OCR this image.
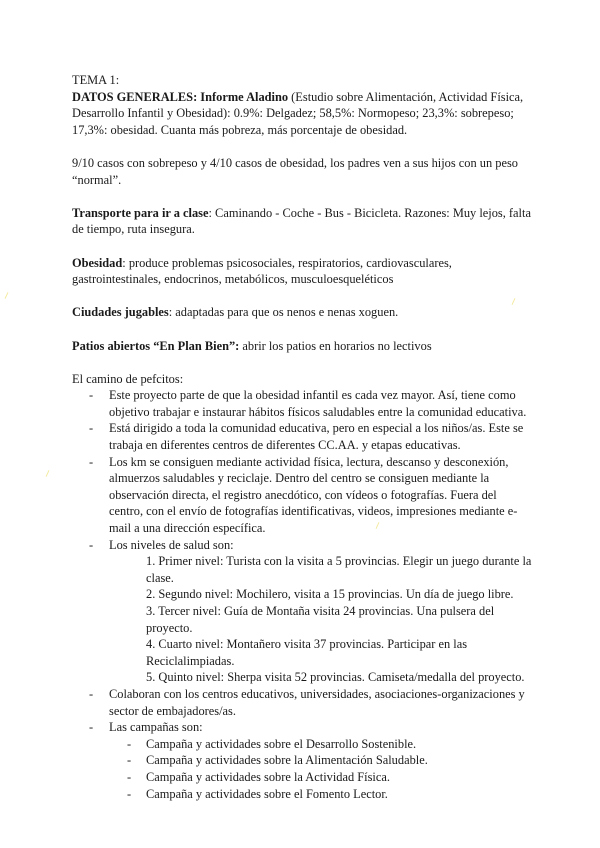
TEMA 1:

DATOS GENERALES: Informe Aladino (Estudio sobre Alimentación, Actividad Física, Desarrollo Infantil y Obesidad): 0.9%: Delgadez; 58,5%: Normopeso; 23,3%: sobrepeso; 17,3%: obesidad. Cuanta más pobreza, más porcentaje de obesidad.

9/10 casos con sobrepeso y 4/10 casos de obesidad, los padres ven a sus hijos con un peso “normal”.

Transporte para ir a clase: Caminando - Coche - Bus - Bicicleta. Razones: Muy lejos, falta de tiempo, ruta insegura.

Obesidad: produce problemas psicosociales, respiratorios, cardiovasculares, gastrointestinales, endocrinos, metabólicos, musculoesqueléticos

Ciudades jugables: adaptadas para que os nenos e nenas xoguen.

Patios abiertos “En Plan Bien”: abrir los patios en horarios no lectivos

El camino de pefcitos:

- Este proyecto parte de que la obesidad infantil es cada vez mayor. Así, tiene como objetivo trabajar e instaurar hábitos físicos saludables entre la comunidad educativa.
- Está dirigido a toda la comunidad educativa, pero en especial a los niños/as. Este se trabaja en diferentes centros de diferentes CC.AA. y etapas educativas.
- Los km se consiguen mediante actividad física, lectura, descanso y desconexión, almuerzos saludables y reciclaje. Dentro del centro se consiguen mediante la observación directa, el registro anecdótico, con vídeos o fotografías. Fuera del centro, con el envío de fotografías identificativas, videos, impresiones mediante e-mail a una dirección específica.
- Los niveles de salud son:
1. Primer nivel: Turista con la visita a 5 provincias. Elegir un juego durante la clase.
2. Segundo nivel: Mochilero, visita a 15 provincias. Un día de juego libre.
3. Tercer nivel: Guía de Montaña visita 24 provincias. Una pulsera del proyecto.
4. Cuarto nivel: Montañero visita 37 provincias. Participar en las Reciclalimpiadas.
5. Quinto nivel: Sherpa visita 52 provincias. Camiseta/medalla del proyecto.
- Colaboran con los centros educativos, universidades, asociaciones-organizaciones y sector de embajadores/as.
- Las campañas son:
- Campaña y actividades sobre el Desarrollo Sostenible.
- Campaña y actividades sobre la Alimentación Saludable.
- Campaña y actividades sobre la Actividad Física.
- Campaña y actividades sobre el Fomento Lector.
